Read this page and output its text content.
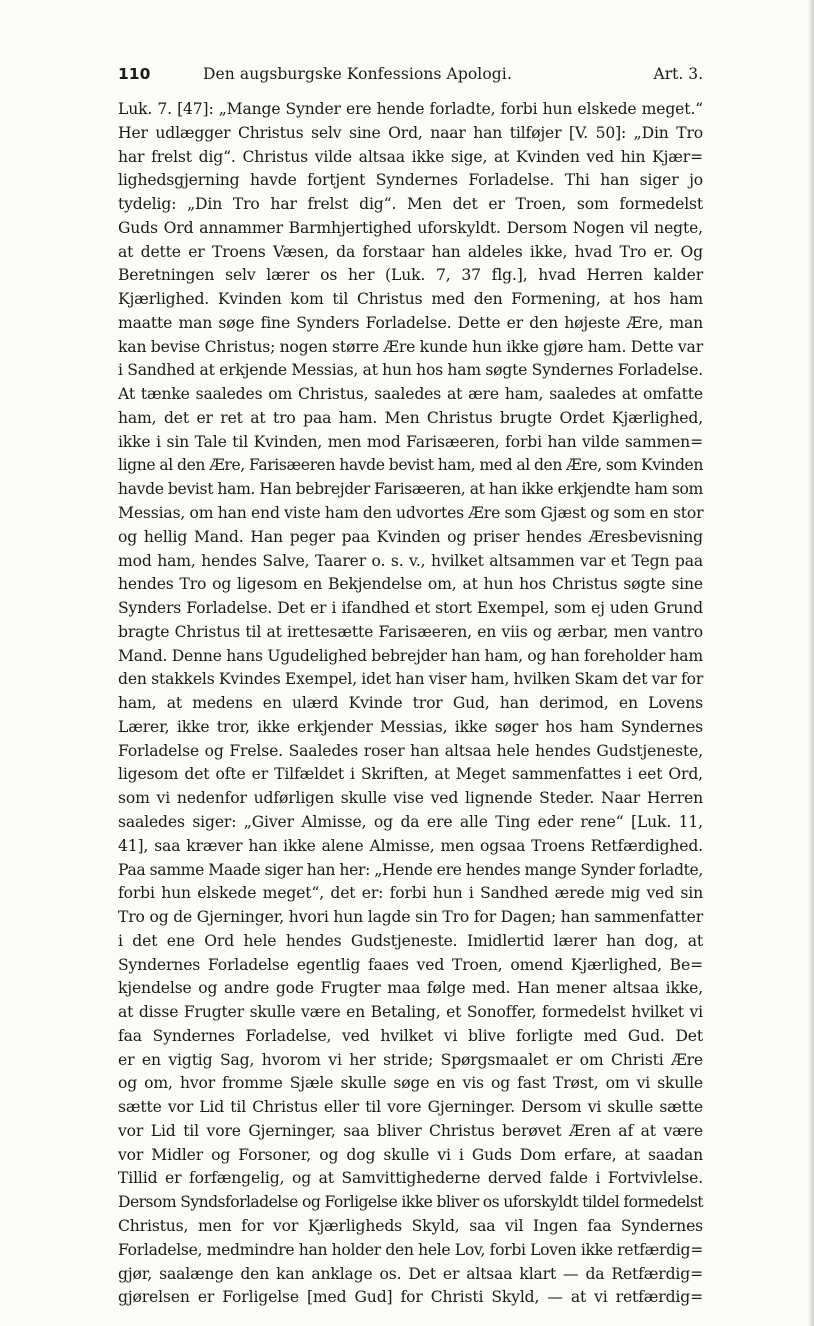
110	Den augsburgske Konfessions Apologi.	Art. 3.
Luk. 7. [47]: „Mange Synder ere hende forladte, forbi hun elskede meget.“
Her udlægger Christus selv sine Ord, naar han tilføjer [V. 50]: „Din Tro
har frelst dig“. Christus vilde altsaa ikke sige, at Kvinden ved hin Kjær=
lighedsgjerning havde fortjent Syndernes Forladelse. Thi han siger jo
tydelig: „Din Tro har frelst dig“. Men det er Troen, som formedelst
Guds Ord annammer Barmhjertighed uforskyldt. Dersom Nogen vil negte,
at dette er Troens Væsen, da forstaar han aldeles ikke, hvad Tro er. Og
Beretningen selv lærer os her (Luk. 7, 37 flg.], hvad Herren kalder
Kjærlighed. Kvinden kom til Christus med den Formening, at hos ham
maatte man søge fine Synders Forladelse. Dette er den højeste Ære, man
kan bevise Christus; nogen større Ære kunde hun ikke gjøre ham. Dette var
i Sandhed at erkjende Messias, at hun hos ham søgte Syndernes Forladelse.
At tænke saaledes om Christus, saaledes at ære ham, saaledes at omfatte
ham, det er ret at tro paa ham. Men Christus brugte Ordet Kjærlighed,
ikke i sin Tale til Kvinden, men mod Farisæeren, forbi han vilde sammen=
ligne al den Ære, Farisæeren havde bevist ham, med al den Ære, som Kvinden
havde bevist ham. Han bebrejder Farisæeren, at han ikke erkjendte ham som
Messias, om han end viste ham den udvortes Ære som Gjæst og som en stor
og hellig Mand. Han peger paa Kvinden og priser hendes Æresbevisning
mod ham, hendes Salve, Taarer o. s. v., hvilket altsammen var et Tegn paa
hendes Tro og ligesom en Bekjendelse om, at hun hos Christus søgte sine
Synders Forladelse. Det er i ifandhed et stort Exempel, som ej uden Grund
bragte Christus til at irettesætte Farisæeren, en viis og ærbar, men vantro
Mand. Denne hans Ugudelighed bebrejder han ham, og han foreholder ham
den stakkels Kvindes Exempel, idet han viser ham, hvilken Skam det var for
ham, at medens en ulærd Kvinde tror Gud, han derimod, en Lovens
Lærer, ikke tror, ikke erkjender Messias, ikke søger hos ham Syndernes
Forladelse og Frelse. Saaledes roser han altsaa hele hendes Gudstjeneste,
ligesom det ofte er Tilfældet i Skriften, at Meget sammenfattes i eet Ord,
som vi nedenfor udførligen skulle vise ved lignende Steder. Naar Herren
saaledes siger: „Giver Almisse, og da ere alle Ting eder rene“ [Luk. 11,
41], saa kræver han ikke alene Almisse, men ogsaa Troens Retfærdighed.
Paa samme Maade siger han her: „Hende ere hendes mange Synder forladte,
forbi hun elskede meget“, det er: forbi hun i Sandhed ærede mig ved sin
Tro og de Gjerninger, hvori hun lagde sin Tro for Dagen; han sammenfatter
i det ene Ord hele hendes Gudstjeneste. Imidlertid lærer han dog, at
Syndernes Forladelse egentlig faaes ved Troen, omend Kjærlighed, Be=
kjendelse og andre gode Frugter maa følge med. Han mener altsaa ikke,
at disse Frugter skulle være en Betaling, et Sonoffer, formedelst hvilket vi
faa Syndernes Forladelse, ved hvilket vi blive forligte med Gud. Det
er en vigtig Sag, hvorom vi her stride; Spørgsmaalet er om Christi Ære
og om, hvor fromme Sjæle skulle søge en vis og fast Trøst, om vi skulle
sætte vor Lid til Christus eller til vore Gjerninger. Dersom vi skulle sætte
vor Lid til vore Gjerninger, saa bliver Christus berøvet Æren af at være
vor Midler og Forsoner, og dog skulle vi i Guds Dom erfare, at saadan
Tillid er forfængelig, og at Samvittighederne derved falde i Fortvivlelse.
Dersom Syndsforladelse og Forligelse ikke bliver os uforskyldt tildel formedelst
Christus, men for vor Kjærligheds Skyld, saa vil Ingen faa Syndernes
Forladelse, medmindre han holder den hele Lov, forbi Loven ikke retfærdig=
gjør, saalænge den kan anklage os. Det er altsaa klart — da Retfærdig=
gjørelsen er Forligelse [med Gud] for Christi Skyld, — at vi retfærdig=
